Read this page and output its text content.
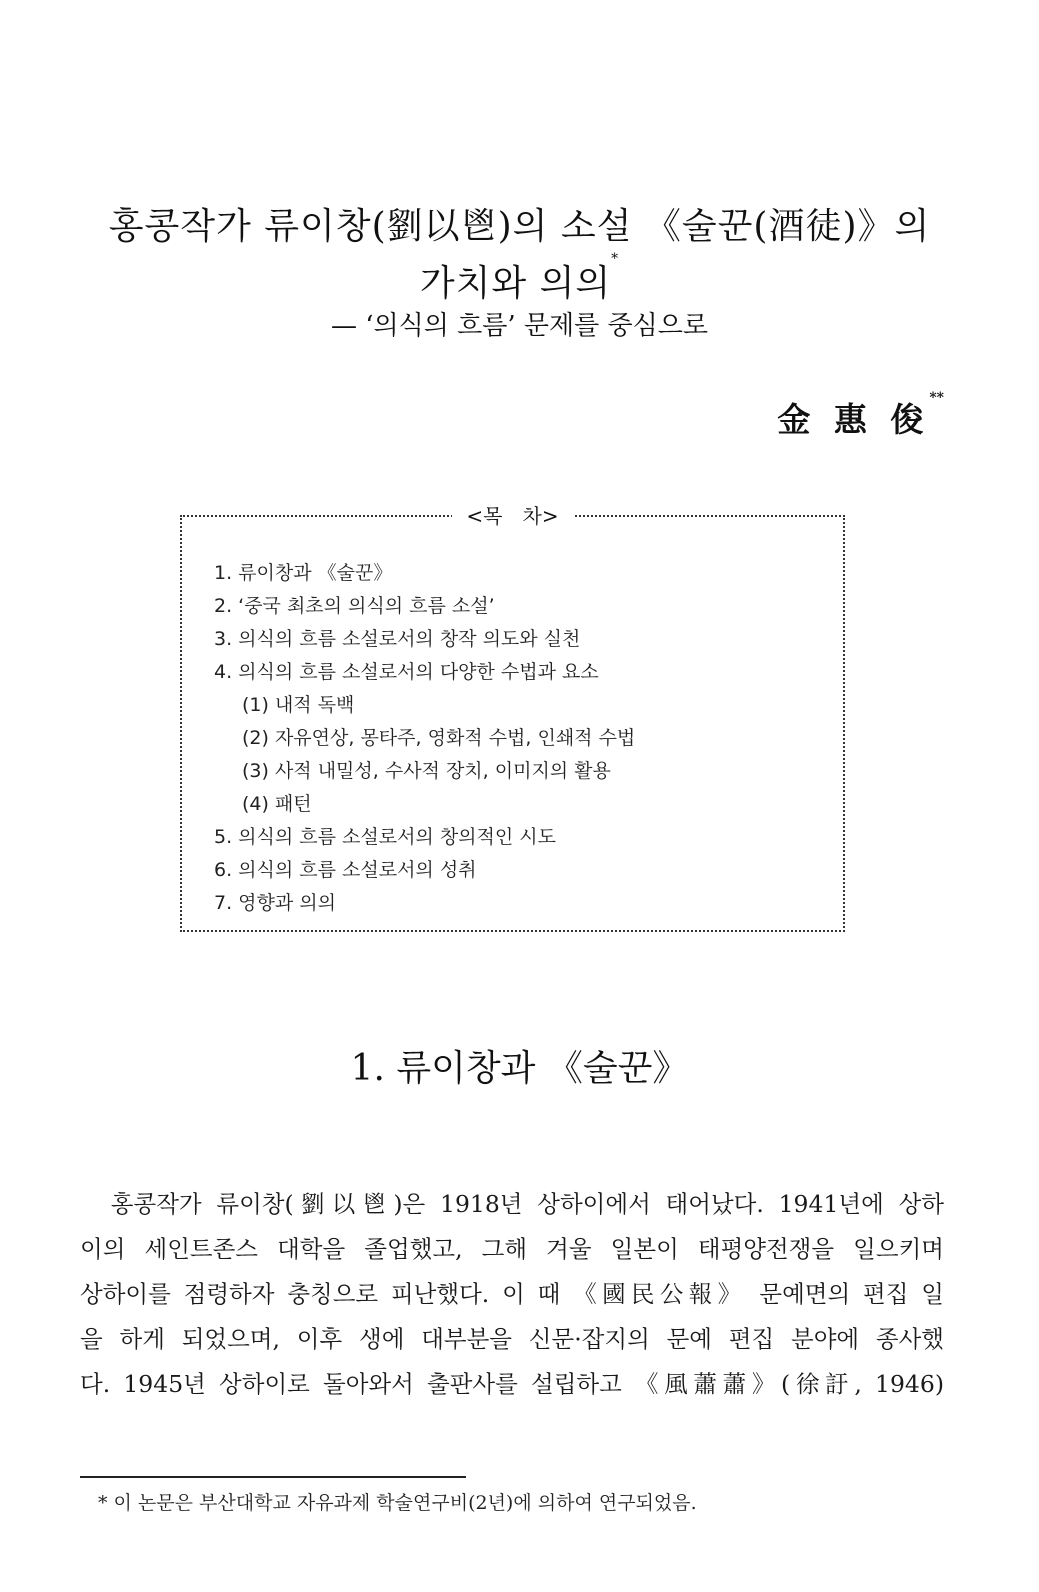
홍콩작가 류이창(劉以鬯)의 소설 《술꾼(酒徒)》의
가치와 의의*
— ‘의식의 흐름’ 문제를 중심으로
金 惠 俊**
1. 류이창과 《술꾼》
2. ‘중국 최초의 의식의 흐름 소설’
3. 의식의 흐름 소설로서의 창작 의도와 실천
4. 의식의 흐름 소설로서의 다양한 수법과 요소
(1) 내적 독백
(2) 자유연상, 몽타주, 영화적 수법, 인쇄적 수법
(3) 사적 내밀성, 수사적 장치, 이미지의 활용
(4) 패턴
5. 의식의 흐름 소설로서의 창의적인 시도
6. 의식의 흐름 소설로서의 성취
7. 영향과 의의
<목　차>
1. 류이창과 《술꾼》
　홍콩작가 류이창(劉以鬯)은 1918년 상하이에서 태어났다. 1941년에 상하
이의 세인트존스 대학을 졸업했고, 그해 겨울 일본이 태평양전쟁을 일으키며
상하이를 점령하자 충칭으로 피난했다. 이 때 《國民公報》 문예면의 편집 일
을 하게 되었으며, 이후 생에 대부분을 신문·잡지의 문예 편집 분야에 종사했
다. 1945년 상하이로 돌아와서 출판사를 설립하고 《風蕭蕭》(徐訏, 1946)
* 이 논문은 부산대학교 자유과제 학술연구비(2년)에 의하여 연구되었음.
